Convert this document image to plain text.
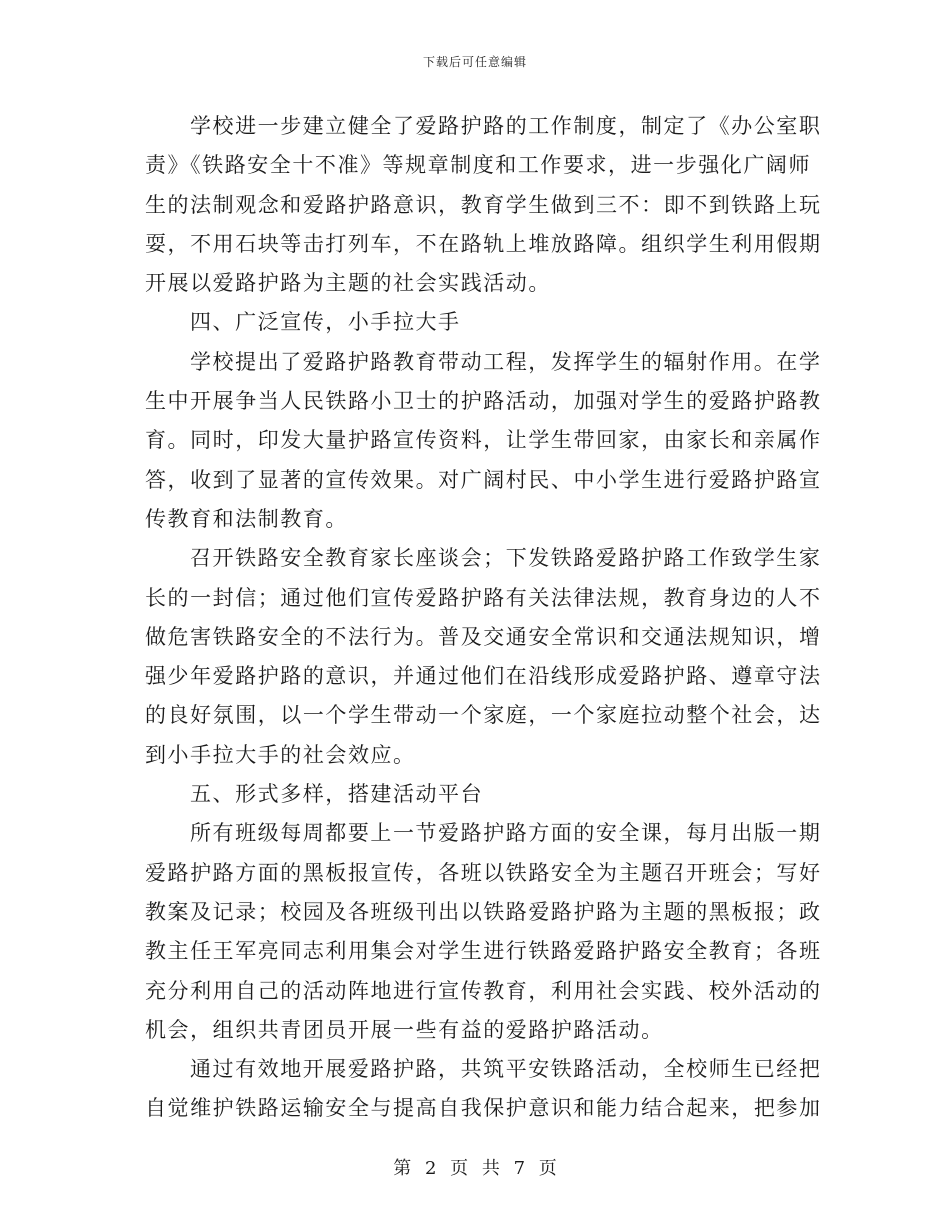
下载后可任意编辑
学校进一步建立健全了爱路护路的工作制度，制定了《办公室职
责》《铁路安全十不准》等规章制度和工作要求，进一步强化广阔师
生的法制观念和爱路护路意识，教育学生做到三不：即不到铁路上玩
耍，不用石块等击打列车，不在路轨上堆放路障。组织学生利用假期
开展以爱路护路为主题的社会实践活动。
四、广泛宣传，小手拉大手
学校提出了爱路护路教育带动工程，发挥学生的辐射作用。在学
生中开展争当人民铁路小卫士的护路活动，加强对学生的爱路护路教
育。同时，印发大量护路宣传资料，让学生带回家，由家长和亲属作
答，收到了显著的宣传效果。对广阔村民、中小学生进行爱路护路宣
传教育和法制教育。
召开铁路安全教育家长座谈会；下发铁路爱路护路工作致学生家
长的一封信；通过他们宣传爱路护路有关法律法规，教育身边的人不
做危害铁路安全的不法行为。普及交通安全常识和交通法规知识，增
强少年爱路护路的意识，并通过他们在沿线形成爱路护路、遵章守法
的良好氛围，以一个学生带动一个家庭，一个家庭拉动整个社会，达
到小手拉大手的社会效应。
五、形式多样，搭建活动平台
所有班级每周都要上一节爱路护路方面的安全课，每月出版一期
爱路护路方面的黑板报宣传，各班以铁路安全为主题召开班会；写好
教案及记录；校园及各班级刊出以铁路爱路护路为主题的黑板报；政
教主任王军亮同志利用集会对学生进行铁路爱路护路安全教育；各班
充分利用自己的活动阵地进行宣传教育，利用社会实践、校外活动的
机会，组织共青团员开展一些有益的爱路护路活动。
通过有效地开展爱路护路，共筑平安铁路活动，全校师生已经把
自觉维护铁路运输安全与提高自我保护意识和能力结合起来，把参加
第 2 页 共 7 页
